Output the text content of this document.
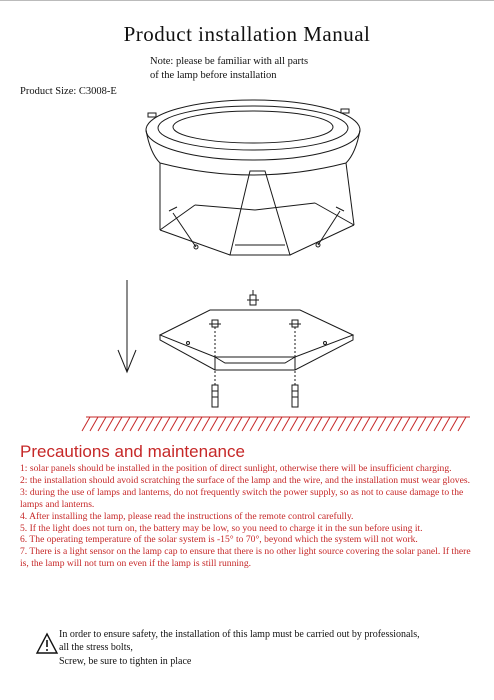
Product installation Manual
Note: please be familiar with all parts
of the lamp before installation
Product Size: C3008-E
Precautions and maintenance
1: solar panels should be installed in the position of direct sunlight, otherwise there will be insufficient charging.
2: the installation should avoid scratching the surface of the lamp and the wire, and the installation must wear gloves.
3: during the use of lamps and lanterns, do not frequently switch the power supply, so as not to cause damage to the lamps and lanterns.
4. After installing the lamp, please read the instructions of the remote control carefully.
5. If the light does not turn on, the battery may be low, so you need to charge it in the sun before using it.
6. The operating temperature of the solar system is -15° to 70°, beyond which the system will not work.
7. There is a light sensor on the lamp cap to ensure that there is no other light source covering the solar panel. If there is, the lamp will not turn on even if the lamp is still running.
In order to ensure safety, the installation of this lamp must be carried out by professionals,
all the stress bolts,
Screw, be sure to tighten in place
